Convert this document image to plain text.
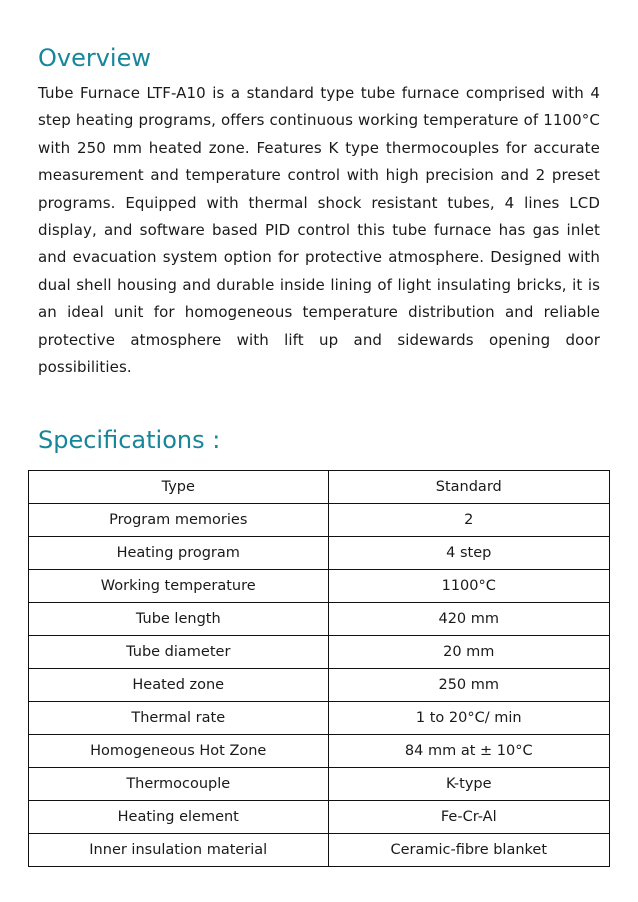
Overview

Tube Furnace LTF-A10 is a standard type tube furnace comprised with 4 step heating programs, offers continuous working temperature of 1100°C with 250 mm heated zone. Features K type thermocouples for accurate measurement and temperature control with high precision and 2 preset programs. Equipped with thermal shock resistant tubes, 4 lines LCD display, and software based PID control this tube furnace has gas inlet and evacuation system option for protective atmosphere. Designed with dual shell housing and durable inside lining of light insulating bricks, it is an ideal unit for homogeneous temperature distribution and reliable protective atmosphere with lift up and sidewards opening door possibilities.

Specifications :
Type	Standard
Program memories	2
Heating program	4 step
Working temperature	1100°C
Tube length	420 mm
Tube diameter	20 mm
Heated zone	250 mm
Thermal rate	1 to 20°C/ min
Homogeneous Hot Zone	84 mm at ± 10°C
Thermocouple	K-type
Heating element	Fe-Cr-Al
Inner insulation material	Ceramic-fibre blanket
